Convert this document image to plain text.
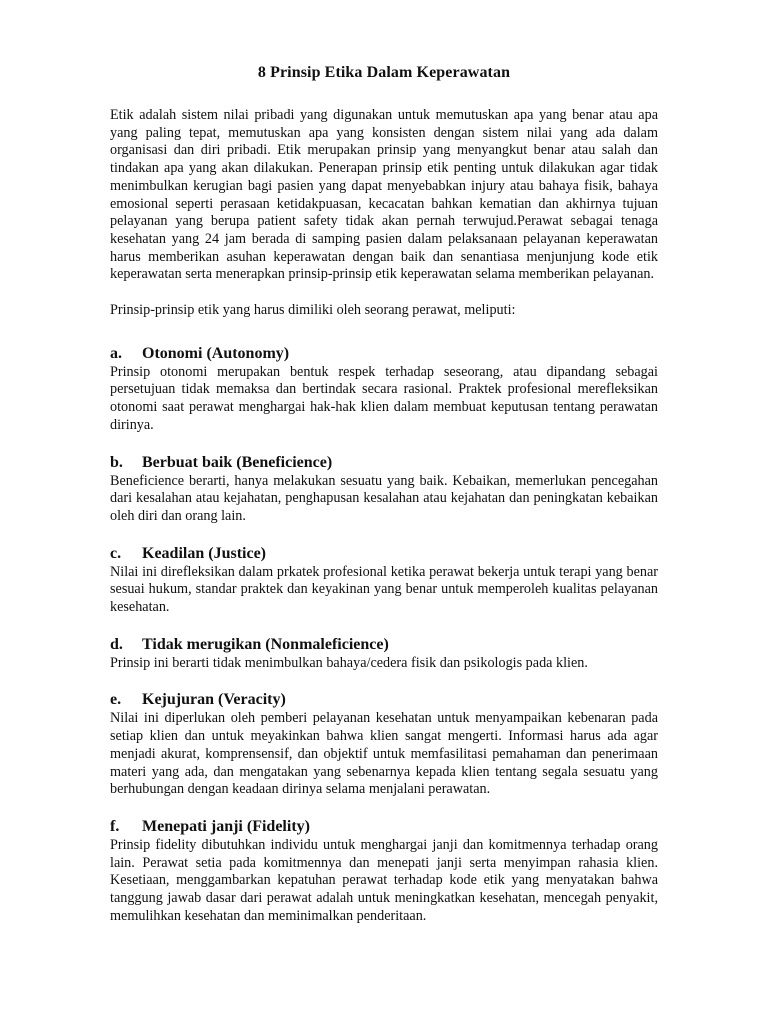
8 Prinsip Etika Dalam Keperawatan

Etik adalah sistem nilai pribadi yang digunakan untuk memutuskan apa yang benar atau apa yang paling tepat, memutuskan apa yang konsisten dengan sistem nilai yang ada dalam organisasi dan diri pribadi. Etik merupakan prinsip yang menyangkut benar atau salah dan tindakan apa yang akan dilakukan. Penerapan prinsip etik penting untuk dilakukan agar tidak menimbulkan kerugian bagi pasien yang dapat menyebabkan injury atau bahaya fisik, bahaya emosional seperti perasaan ketidakpuasan, kecacatan bahkan kematian dan akhirnya tujuan pelayanan yang berupa patient safety tidak akan pernah terwujud.Perawat sebagai tenaga kesehatan yang 24 jam berada di samping pasien dalam pelaksanaan pelayanan keperawatan harus memberikan asuhan keperawatan dengan baik dan senantiasa menjunjung kode etik keperawatan serta menerapkan prinsip-prinsip etik keperawatan selama memberikan pelayanan.

Prinsip-prinsip etik yang harus dimiliki oleh seorang perawat, meliputi:

a.	Otonomi (Autonomy)

Prinsip otonomi merupakan bentuk respek terhadap seseorang, atau dipandang sebagai persetujuan tidak memaksa dan bertindak secara rasional. Praktek profesional merefleksikan otonomi saat perawat menghargai hak-hak klien dalam membuat keputusan tentang perawatan dirinya.

b.	Berbuat baik (Beneficience)

Beneficience berarti, hanya melakukan sesuatu yang baik. Kebaikan, memerlukan pencegahan dari kesalahan atau kejahatan, penghapusan kesalahan atau kejahatan dan peningkatan kebaikan oleh diri dan orang lain.

c.	Keadilan (Justice)

Nilai ini direfleksikan dalam prkatek profesional ketika perawat bekerja untuk terapi yang benar sesuai hukum, standar praktek dan keyakinan yang benar untuk memperoleh kualitas pelayanan kesehatan.

d.	Tidak merugikan (Nonmaleficience)

Prinsip ini berarti tidak menimbulkan bahaya/cedera fisik dan psikologis pada klien.

e.	Kejujuran (Veracity)

Nilai ini diperlukan oleh pemberi pelayanan kesehatan untuk menyampaikan kebenaran pada setiap klien dan untuk meyakinkan bahwa klien sangat mengerti. Informasi harus ada agar menjadi akurat, komprensensif, dan objektif untuk memfasilitasi pemahaman dan penerimaan materi yang ada, dan mengatakan yang sebenarnya kepada klien tentang segala sesuatu yang berhubungan dengan keadaan dirinya selama menjalani perawatan.

f.	Menepati janji (Fidelity)

Prinsip fidelity dibutuhkan individu untuk menghargai janji dan komitmennya terhadap orang lain. Perawat setia pada komitmennya dan menepati janji serta menyimpan rahasia klien. Kesetiaan, menggambarkan kepatuhan perawat terhadap kode etik yang menyatakan bahwa tanggung jawab dasar dari perawat adalah untuk meningkatkan kesehatan, mencegah penyakit, memulihkan kesehatan dan meminimalkan penderitaan.
